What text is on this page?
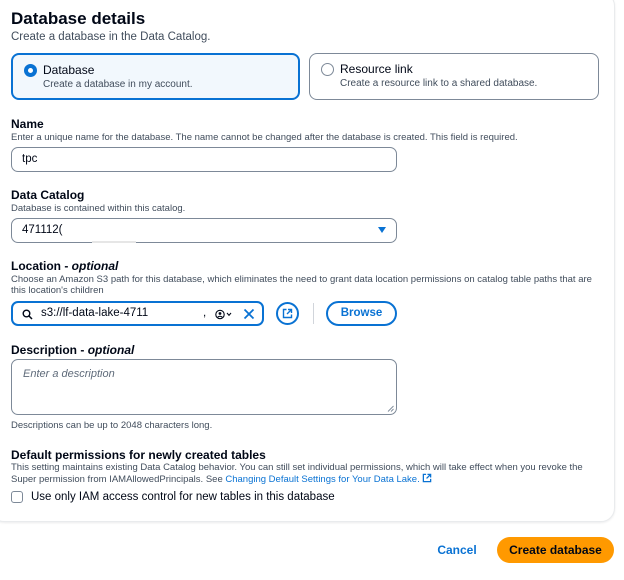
Database details
Create a database in the Data Catalog.
Database
Create a database in my account.
Resource link
Create a resource link to a shared database.
Name
Enter a unique name for the database. The name cannot be changed after the database is created. This field is required.
tpc
Data Catalog
Database is contained within this catalog.
471112(
Location - optional
Choose an Amazon S3 path for this database, which eliminates the need to grant data location permissions on catalog table paths that are this location's children
s3://lf-data-lake-4711	,	Browse
Description - optional
Enter a description
Descriptions can be up to 2048 characters long.
Default permissions for newly created tables
This setting maintains existing Data Catalog behavior. You can still set individual permissions, which will take effect when you revoke the Super permission from IAMAllowedPrincipals. See Changing Default Settings for Your Data Lake.
Use only IAM access control for new tables in this database
Cancel	Create database
